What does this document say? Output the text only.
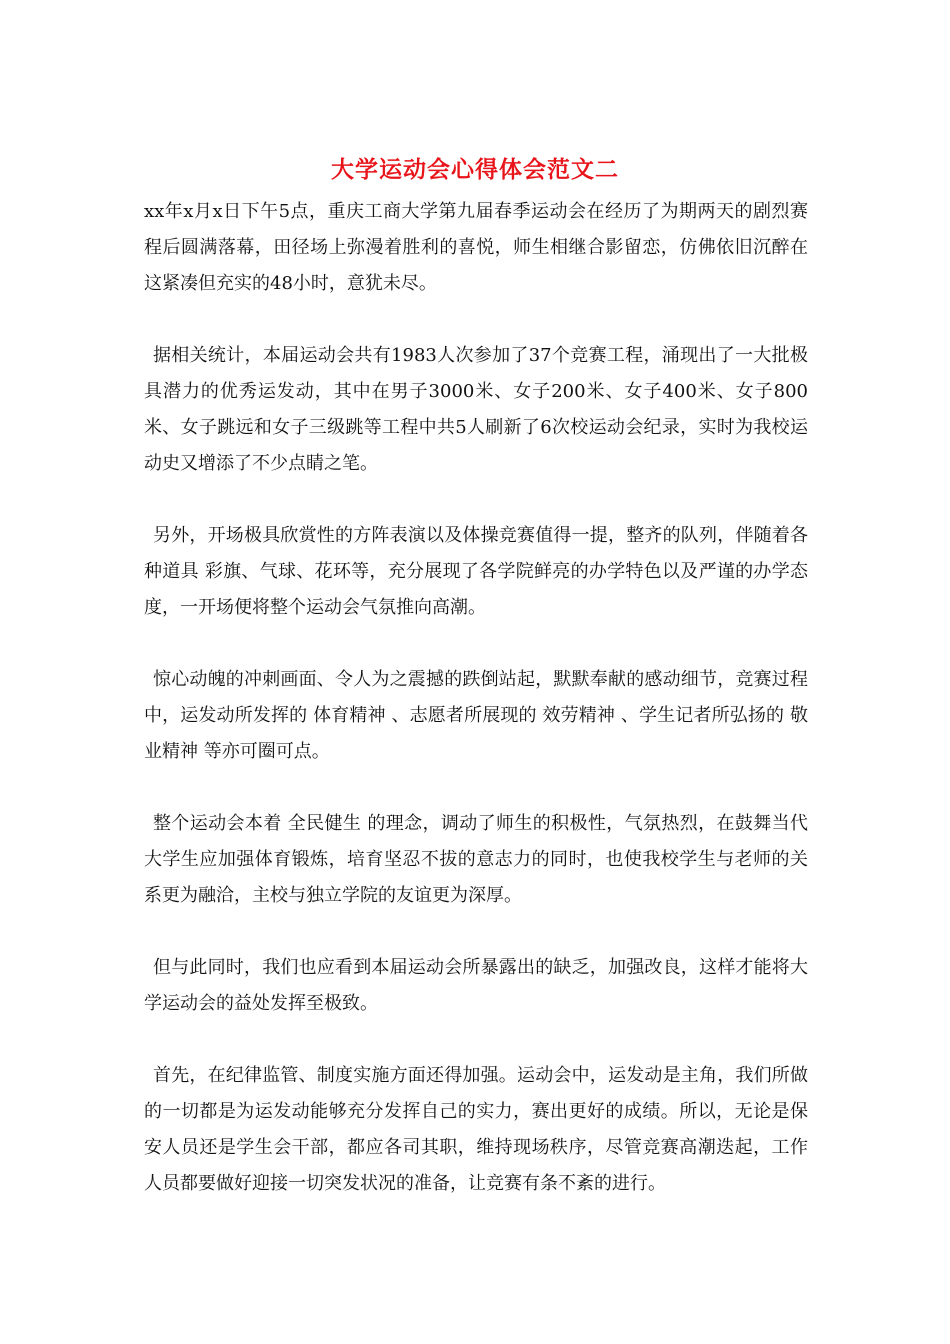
大学运动会心得体会范文二

xx年x月x日下午5点，重庆工商大学第九届春季运动会在经历了为期两天的剧烈赛程后圆满落幕，田径场上弥漫着胜利的喜悦，师生相继合影留恋，仿佛依旧沉醉在这紧凑但充实的48小时，意犹未尽。

据相关统计，本届运动会共有1983人次参加了37个竞赛工程，涌现出了一大批极具潜力的优秀运发动，其中在男子3000米、女子200米、女子400米、女子800米、女子跳远和女子三级跳等工程中共5人刷新了6次校运动会纪录，实时为我校运动史又增添了不少点睛之笔。

另外，开场极具欣赏性的方阵表演以及体操竞赛值得一提，整齐的队列，伴随着各种道具 彩旗、气球、花环等，充分展现了各学院鲜亮的办学特色以及严谨的办学态度，一开场便将整个运动会气氛推向高潮。

惊心动魄的冲刺画面、令人为之震撼的跌倒站起，默默奉献的感动细节，竞赛过程中，运发动所发挥的 体育精神 、志愿者所展现的 效劳精神 、学生记者所弘扬的 敬业精神 等亦可圈可点。

整个运动会本着 全民健生 的理念，调动了师生的积极性，气氛热烈，在鼓舞当代大学生应加强体育锻炼，培育坚忍不拔的意志力的同时，也使我校学生与老师的关系更为融洽，主校与独立学院的友谊更为深厚。

但与此同时，我们也应看到本届运动会所暴露出的缺乏，加强改良，这样才能将大学运动会的益处发挥至极致。

首先，在纪律监管、制度实施方面还得加强。运动会中，运发动是主角，我们所做的一切都是为运发动能够充分发挥自己的实力，赛出更好的成绩。所以，无论是保安人员还是学生会干部，都应各司其职，维持现场秩序，尽管竞赛高潮迭起，工作人员都要做好迎接一切突发状况的准备，让竞赛有条不紊的进行。
